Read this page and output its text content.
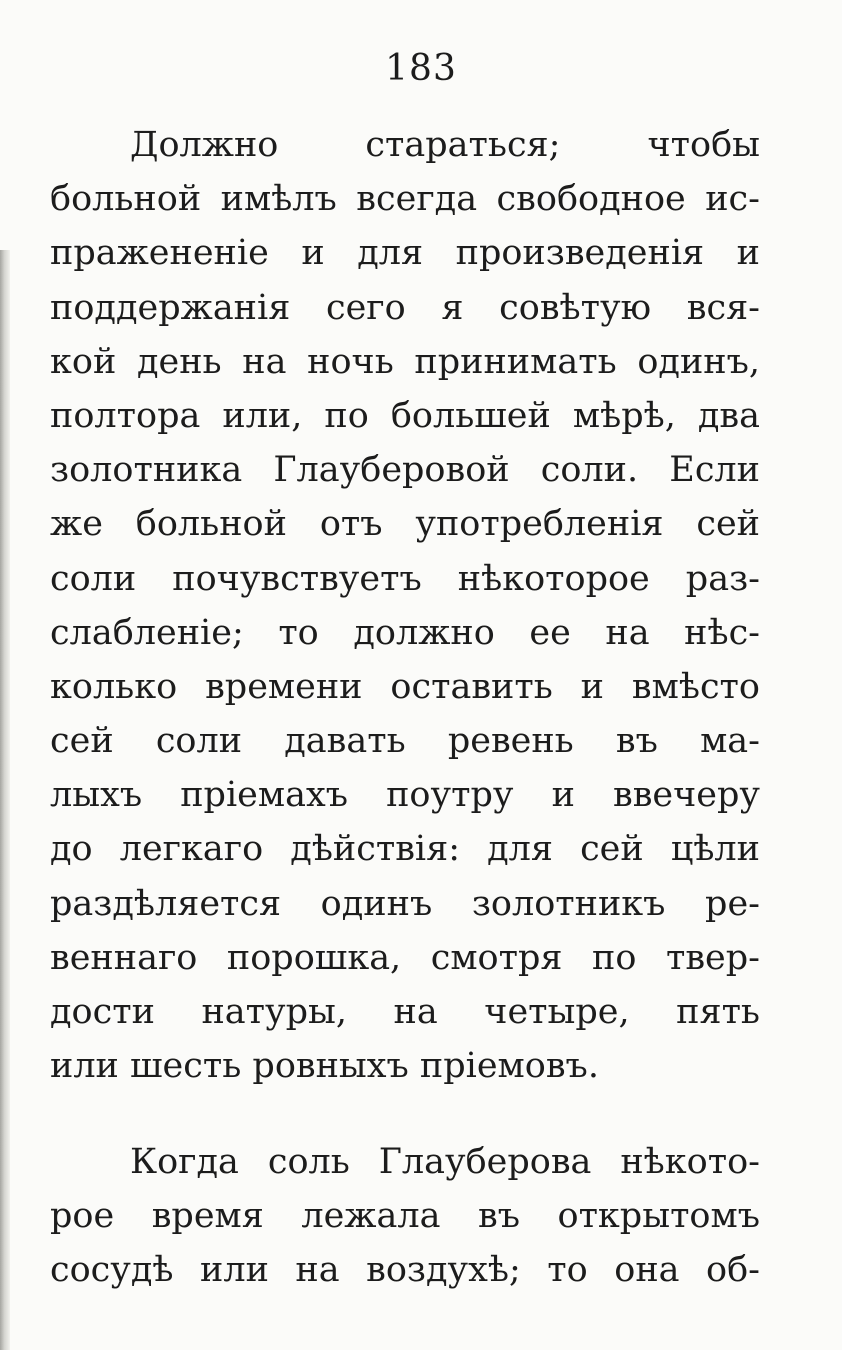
183
Должно стараться; чтобы
больной имѣлъ всегда свободное ис-
пражененіе и для произведенія и
поддержанія сего я совѣтую вся-
кой день на ночь принимать одинъ,
полтора или, по большей мѣрѣ, два
золотника Глауберовой соли. Если
же больной отъ употребленія сей
соли почувствуетъ нѣкоторое раз-
слабленіе; то должно ее на нѣс-
колько времени оставить и вмѣсто
сей соли давать ревень въ ма-
лыхъ пріемахъ поутру и ввечеру
до легкаго дѣйствія: для сей цѣли
раздѣляется одинъ золотникъ ре-
веннаго порошка, смотря по твер-
дости натуры, на четыре, пять
или шесть ровныхъ пріемовъ.
Когда соль Глауберова нѣкото-
рое время лежала въ открытомъ
сосудѣ или на воздухѣ; то она об-
